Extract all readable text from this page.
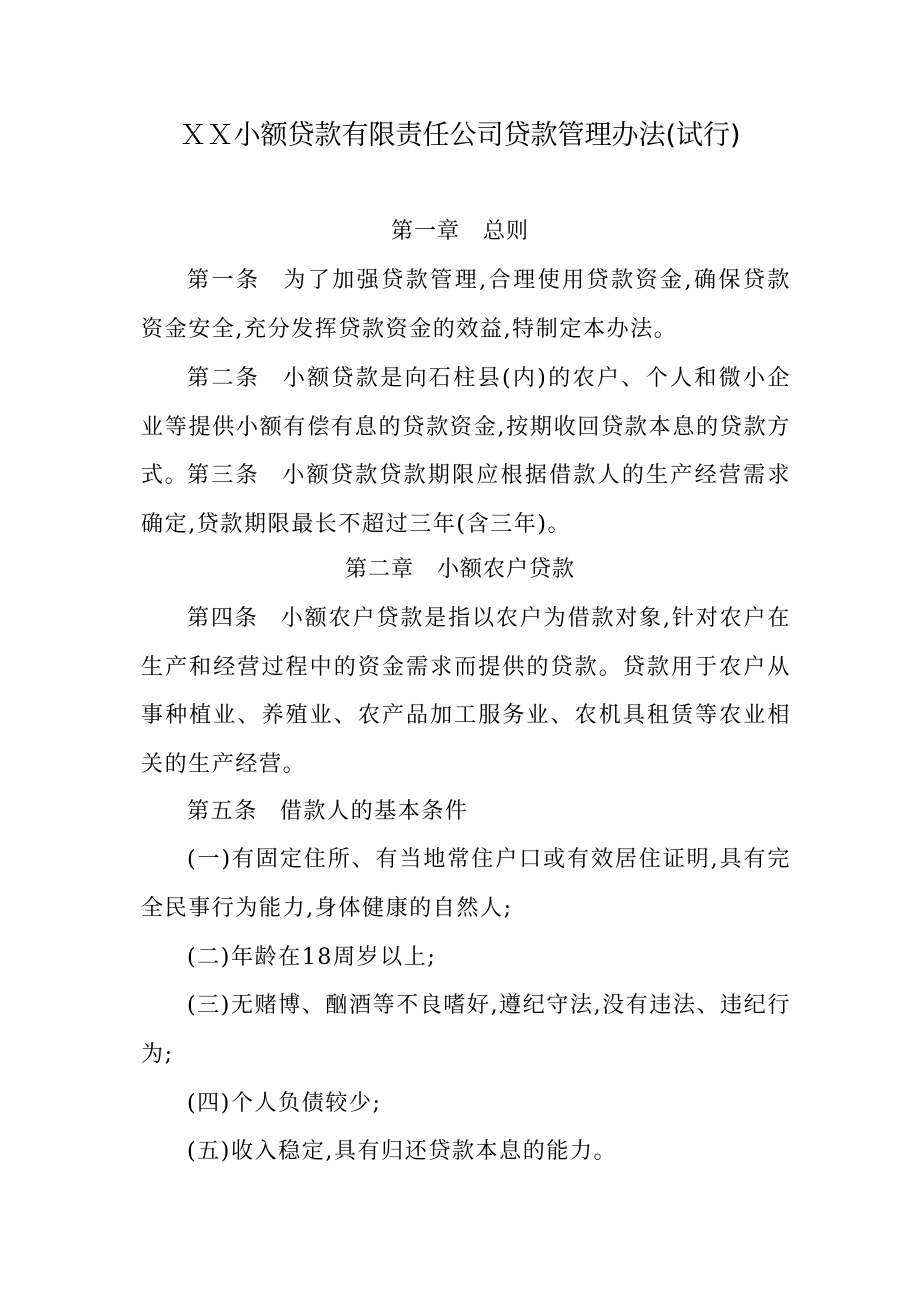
ＸＸ小额贷款有限责任公司贷款管理办法(试行)
第一章　总则

第一条 为了加强贷款管理,合理使用贷款资金,确保贷款资金安全,充分发挥贷款资金的效益,特制定本办法。

第二条 小额贷款是向石柱县(内)的农户、个人和微小企业等提供小额有偿有息的贷款资金,按期收回贷款本息的贷款方式。

第三条 小额贷款贷款期限应根据借款人的生产经营需求确定,贷款期限最长不超过三年(含三年)。

第二章　小额农户贷款

第四条 小额农户贷款是指以农户为借款对象,针对农户在生产和经营过程中的资金需求而提供的贷款。贷款用于农户从事种植业、养殖业、农产品加工服务业、农机具租赁等农业相关的生产经营。

第五条 借款人的基本条件

(一)有固定住所、有当地常住户口或有效居住证明,具有完全民事行为能力,身体健康的自然人;

(二)年龄在18周岁以上;

(三)无赌博、酗酒等不良嗜好,遵纪守法,没有违法、违纪行为;

(四)个人负债较少;

(五)收入稳定,具有归还贷款本息的能力。
